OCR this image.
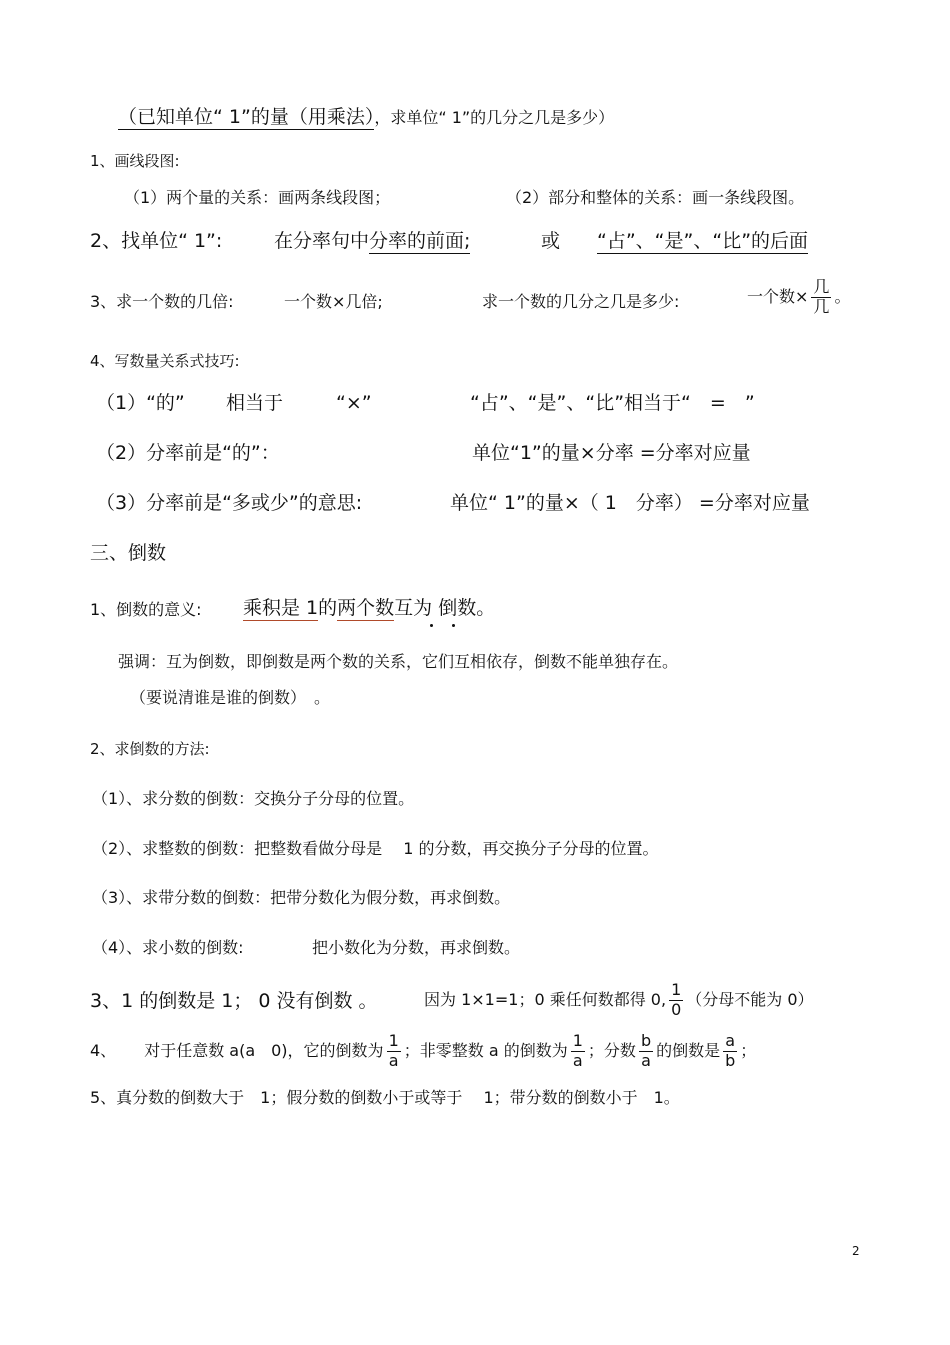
（已知单位“ 1”的量（用乘法），求单位“ 1”的几分之几是多少）
1、画线段图:
（1）两个量的关系：画两条线段图；	（2）部分和整体的关系：画一条线段图。
2、找单位“ 1”:	在分率句中分率的前面;	或 “占”、“是”、“比”的后面
3、求一个数的几倍:	一个数×几倍;	求一个数的几分之几是多少:	一个数× $\frac{\text{几}}{\text{几}}$ 。
4、写数量关系式技巧:
（1）“的” 相当于	“×”	“占”、“是”、“比”相当于“　=　”
（2）分率前是“的”：	单位“1”的量×分率 =分率对应量
（3）分率前是“多或少”的意思:	单位“ 1”的量×（ 1　分率） =分率对应量
三、倒数
1、倒数的意义: 乘积是 1的两个数互为 倒数。
强调：互为倒数，即倒数是两个数的关系，它们互相依存，倒数不能单独存在。
（要说清谁是谁的倒数）　。
2、求倒数的方法:
（1）、求分数的倒数：交换分子分母的位置。
（2）、求整数的倒数：把整数看做分母是　 1 的分数，再交换分子分母的位置。
（3）、求带分数的倒数：把带分数化为假分数，再求倒数。
（4）、求小数的倒数:	把小数化为分数，再求倒数。
3、1 的倒数是 1； 0 没有倒数 。	因为 1×1=1；0 乘任何数都得 0, $\frac{1}{0}$ （分母不能为 0）
4、 对于任意数 a(a　0)，它的倒数为 $\frac{1}{a}$ ；非零整数 a 的倒数为 $\frac{1}{a}$ ；分数 $\frac{b}{a}$ 的倒数是 $\frac{a}{b}$ ；
5、真分数的倒数大于　1；假分数的倒数小于或等于　 1；带分数的倒数小于　1。
2
